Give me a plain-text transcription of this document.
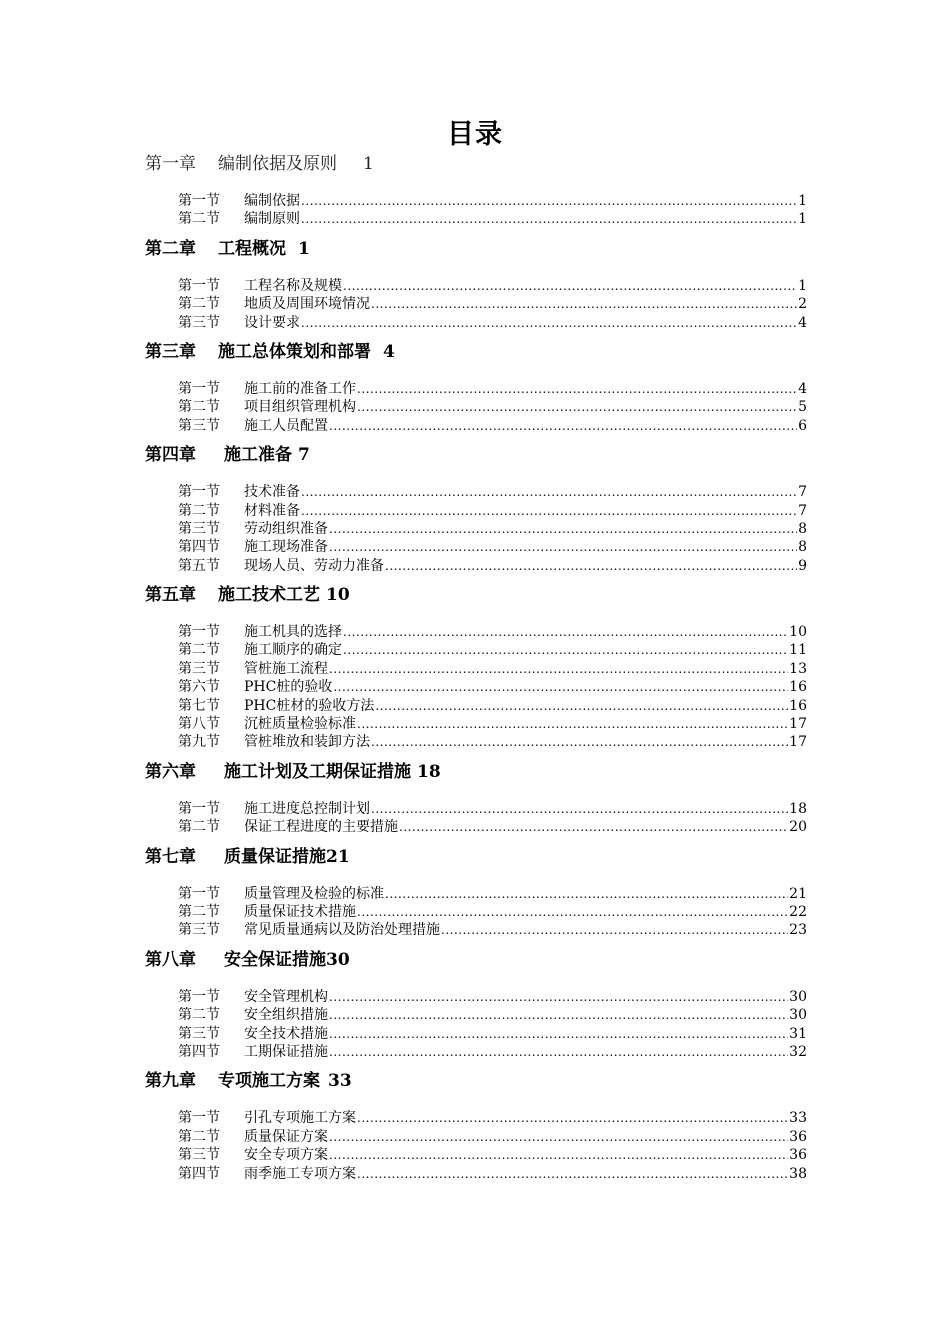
目录
第一章 编制依据及原则 1
第一节	编制依据 .....	1
第二节	编制原则 .....	1
第二章 工程概况 1
第一节	工程名称及规模 .....	1
第二节	地质及周围环境情况 .....	2
第三节	设计要求 .....	4
第三章 施工总体策划和部署 4
第一节	施工前的准备工作 .....	4
第二节	项目组织管理机构 .....	5
第三节	施工人员配置 .....	6
第四章 施工准备 7
第一节	技术准备 .....	7
第二节	材料准备 .....	7
第三节	劳动组织准备 .....	8
第四节	施工现场准备 .....	8
第五节	现场人员、劳动力准备 .....	9
第五章 施工技术工艺 10
第一节	施工机具的选择 .....	10
第二节	施工顺序的确定 .....	11
第三节	管桩施工流程 .....	13
第六节	PHC桩的验收 .....	16
第七节	PHC桩材的验收方法 .....	16
第八节	沉桩质量检验标准 .....	17
第九节	管桩堆放和装卸方法 .....	17
第六章 施工计划及工期保证措施 18
第一节	施工进度总控制计划 .....	18
第二节	保证工程进度的主要措施 .....	20
第七章 质量保证措施21
第一节	质量管理及检验的标准 .....	21
第二节	质量保证技术措施 .....	22
第三节	常见质量通病以及防治处理措施 .....	23
第八章 安全保证措施30
第一节	安全管理机构 .....	30
第二节	安全组织措施 .....	30
第三节	安全技术措施 .....	31
第四节	工期保证措施 .....	32
第九章 专项施工方案 33
第一节	引孔专项施工方案 .....	33
第二节	质量保证方案 .....	36
第三节	安全专项方案 .....	36
第四节	雨季施工专项方案 .....	38
